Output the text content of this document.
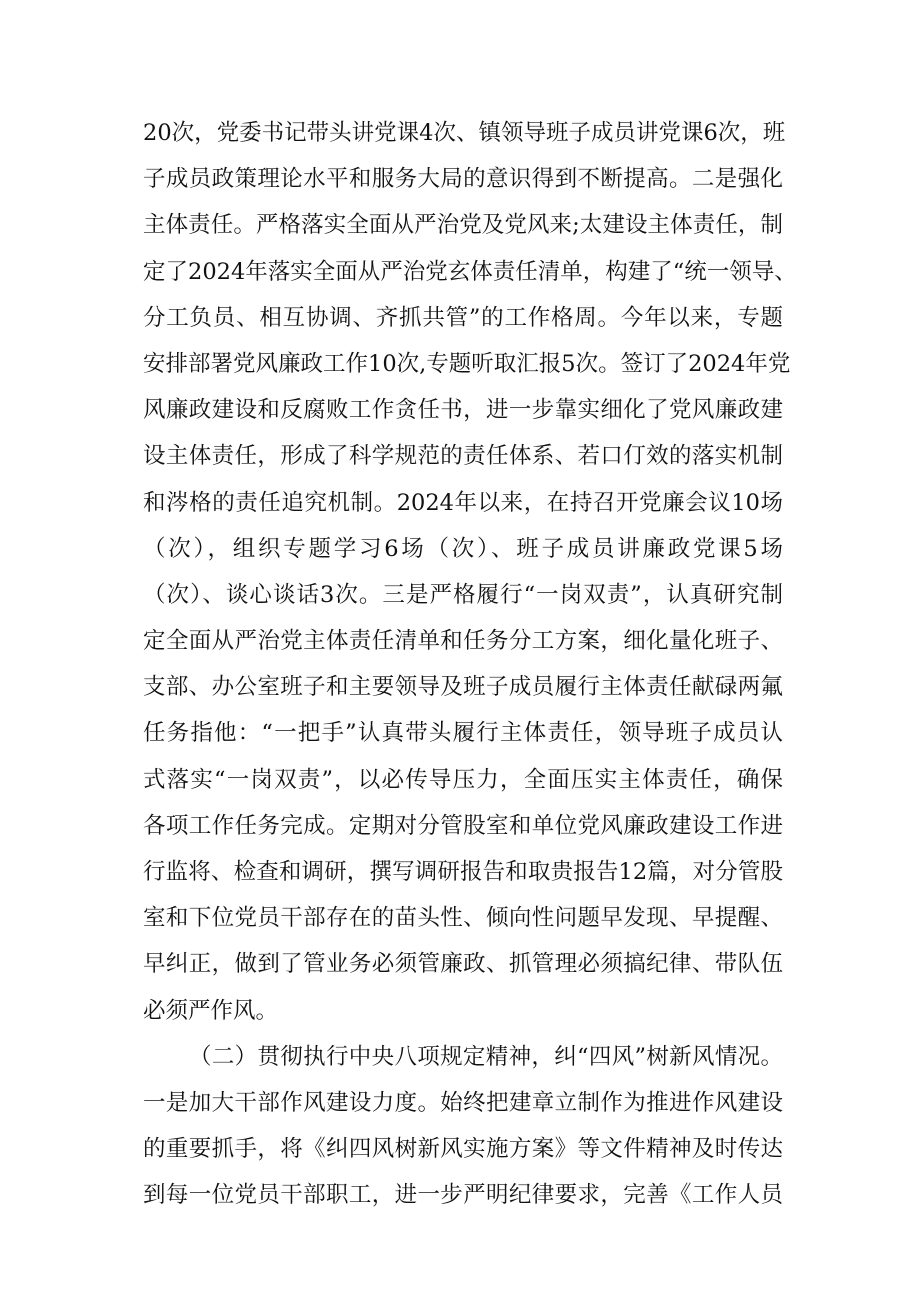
20次，党委书记带头讲党课4次、镇领导班子成员讲党课6次，班
子成员政策理论水平和服务大局的意识得到不断提高。二是强化
主体责任。严格落实全面从严治党及党风来;太建设主体责任，制
定了2024年落实全面从严治党玄体责任清单，构建了“统一领导、
分工负员、相互协调、齐抓共管”的工作格周。今年以来，专题
安排部署党风廉政工作10次,专题听取汇报5次。签订了2024年党
风廉政建设和反腐败工作贪任书，进一步靠实细化了党风廉政建
设主体责任，形成了科学规范的责任体系、若口仃效的落实机制
和涔格的责任追究机制。2024年以来，在持召开党廉会议10场
（次），组织专题学习6场（次）、班子成员讲廉政党课5场
（次）、谈心谈话3次。三是严格履行“一岗双责”，认真研究制
定全面从严治党主体责任清单和任务分工方案，细化量化班子、
支部、办公室班子和主要领导及班子成员履行主体责任献碌两氟
任务指他：“一把手”认真带头履行主体责任，领导班子成员认
式落实“一岗双责”，以必传导压力，全面压实主体责任，确保
各项工作任务完成。定期对分管股室和单位党风廉政建设工作进
行监将、检查和调研，撰写调研报告和取贵报告12篇，对分管股
室和下位党员干部存在的苗头性、倾向性问题早发现、早提醒、
早纠正，做到了管业务必须管廉政、抓管理必须搞纪律、带队伍
必须严作风。
（二）贯彻执行中央八项规定精神，纠“四风”树新风情况。
一是加大干部作风建设力度。始终把建章立制作为推进作风建设
的重要抓手，将《纠四风树新风实施方案》等文件精神及时传达
到每一位党员干部职工，进一步严明纪律要求，完善《工作人员
